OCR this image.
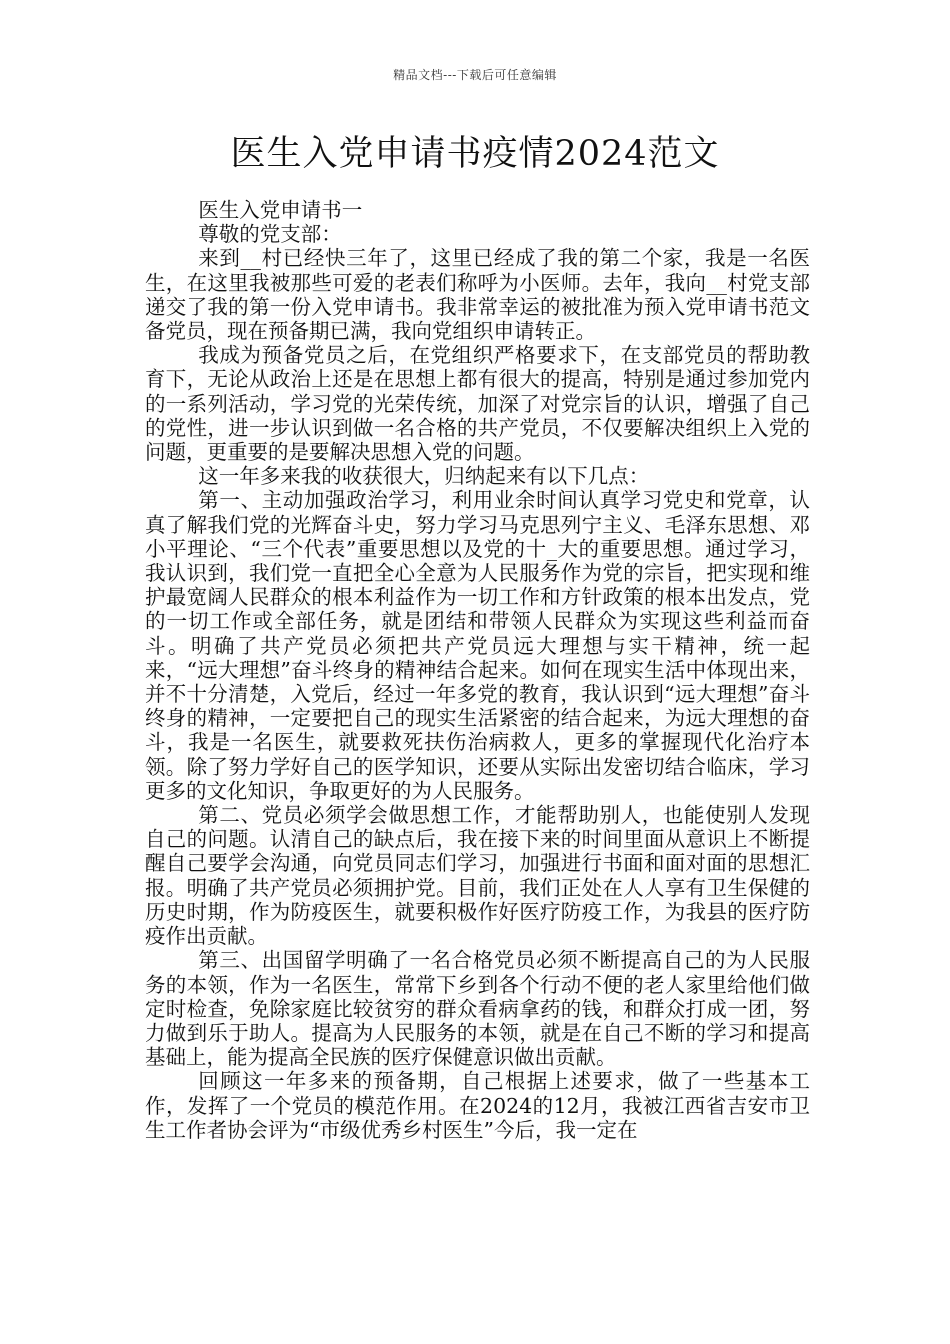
精品文档---下载后可任意编辑
医生入党申请书疫情2024范文

医生入党申请书一

尊敬的党支部：

来到__村已经快三年了，这里已经成了我的第二个家，我是一名医生，在这里我被那些可爱的老表们称呼为小医师。去年，我向__村党支部递交了我的第一份入党申请书。我非常幸运的被批准为预入党申请书范文备党员，现在预备期已满，我向党组织申请转正。

我成为预备党员之后，在党组织严格要求下，在支部党员的帮助教育下，无论从政治上还是在思想上都有很大的提高，特别是通过参加党内的一系列活动，学习党的光荣传统，加深了对党宗旨的认识，增强了自己的党性，进一步认识到做一名合格的共产党员，不仅要解决组织上入党的问题，更重要的是要解决思想入党的问题。

这一年多来我的收获很大，归纳起来有以下几点：

第一、主动加强政治学习，利用业余时间认真学习党史和党章，认真了解我们党的光辉奋斗史，努力学习马克思列宁主义、毛泽东思想、邓小平理论、“三个代表”重要思想以及党的十_大的重要思想。通过学习，我认识到，我们党一直把全心全意为人民服务作为党的宗旨，把实现和维护最宽阔人民群众的根本利益作为一切工作和方针政策的根本出发点，党的一切工作或全部任务，就是团结和带领人民群众为实现这些利益而奋斗。明确了共产党员必须把共产党员远大理想与实干精神，统一起来，“远大理想”奋斗终身的精神结合起来。如何在现实生活中体现出来，并不十分清楚，入党后，经过一年多党的教育，我认识到“远大理想”奋斗终身的精神，一定要把自己的现实生活紧密的结合起来，为远大理想的奋斗，我是一名医生，就要救死扶伤治病救人，更多的掌握现代化治疗本领。除了努力学好自己的医学知识，还要从实际出发密切结合临床，学习更多的文化知识，争取更好的为人民服务。

第二、党员必须学会做思想工作，才能帮助别人，也能使别人发现自己的问题。认清自己的缺点后，我在接下来的时间里面从意识上不断提醒自己要学会沟通，向党员同志们学习，加强进行书面和面对面的思想汇报。明确了共产党员必须拥护党。目前，我们正处在人人享有卫生保健的历史时期，作为防疫医生，就要积极作好医疗防疫工作，为我县的医疗防疫作出贡献。

第三、出国留学明确了一名合格党员必须不断提高自己的为人民服务的本领，作为一名医生，常常下乡到各个行动不便的老人家里给他们做定时检查，免除家庭比较贫穷的群众看病拿药的钱，和群众打成一团，努力做到乐于助人。提高为人民服务的本领，就是在自己不断的学习和提高基础上，能为提高全民族的医疗保健意识做出贡献。

回顾这一年多来的预备期，自己根据上述要求，做了一些基本工作，发挥了一个党员的模范作用。在2024的12月，我被江西省吉安市卫生工作者协会评为“市级优秀乡村医生”今后，我一定在
